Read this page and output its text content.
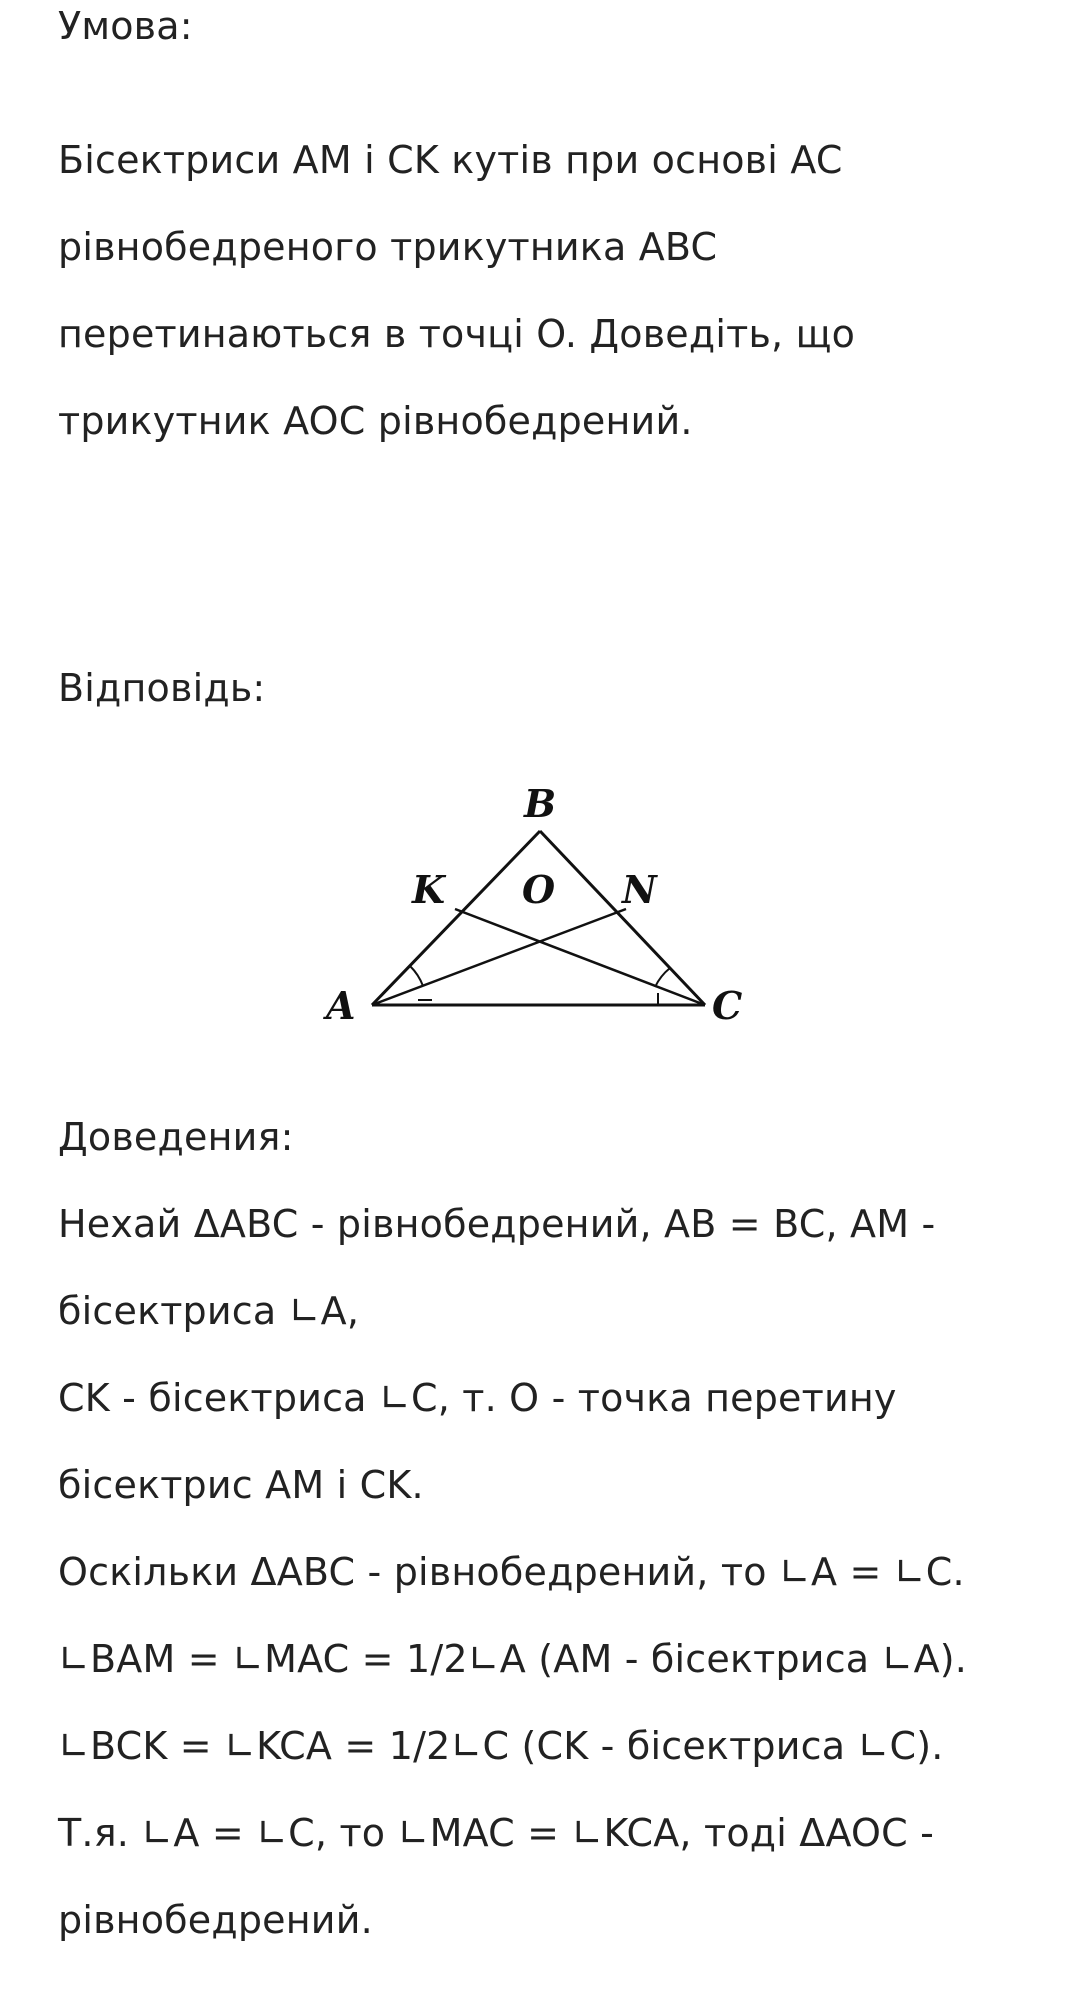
Умова:
Бісектриси AM і CK кутів при основі AC
рівнобедреного трикутника ABC
перетинаються в точці O. Доведіть, що
трикутник AOC рівнобедрений.
Відповідь:
B
K O N
A	C
Доведения:
Нехай ΔABC - рівнобедрений, AB = BC, AM -
бісектриса ∟A,
CK - бісектриса ∟C, т. O - точка перетину
бісектрис AM і CK.
Оскільки ΔABC - рівнобедрений, то ∟A = ∟C.
∟BAM = ∟MAC = 1/2∟A (AM - бісектриса ∟A).
∟BCK = ∟KCA = 1/2∟C (CK - бісектриса ∟C).
Т.я. ∟A = ∟C, то ∟MAC = ∟KCA, тоді ΔAOC -
рівнобедрений.
